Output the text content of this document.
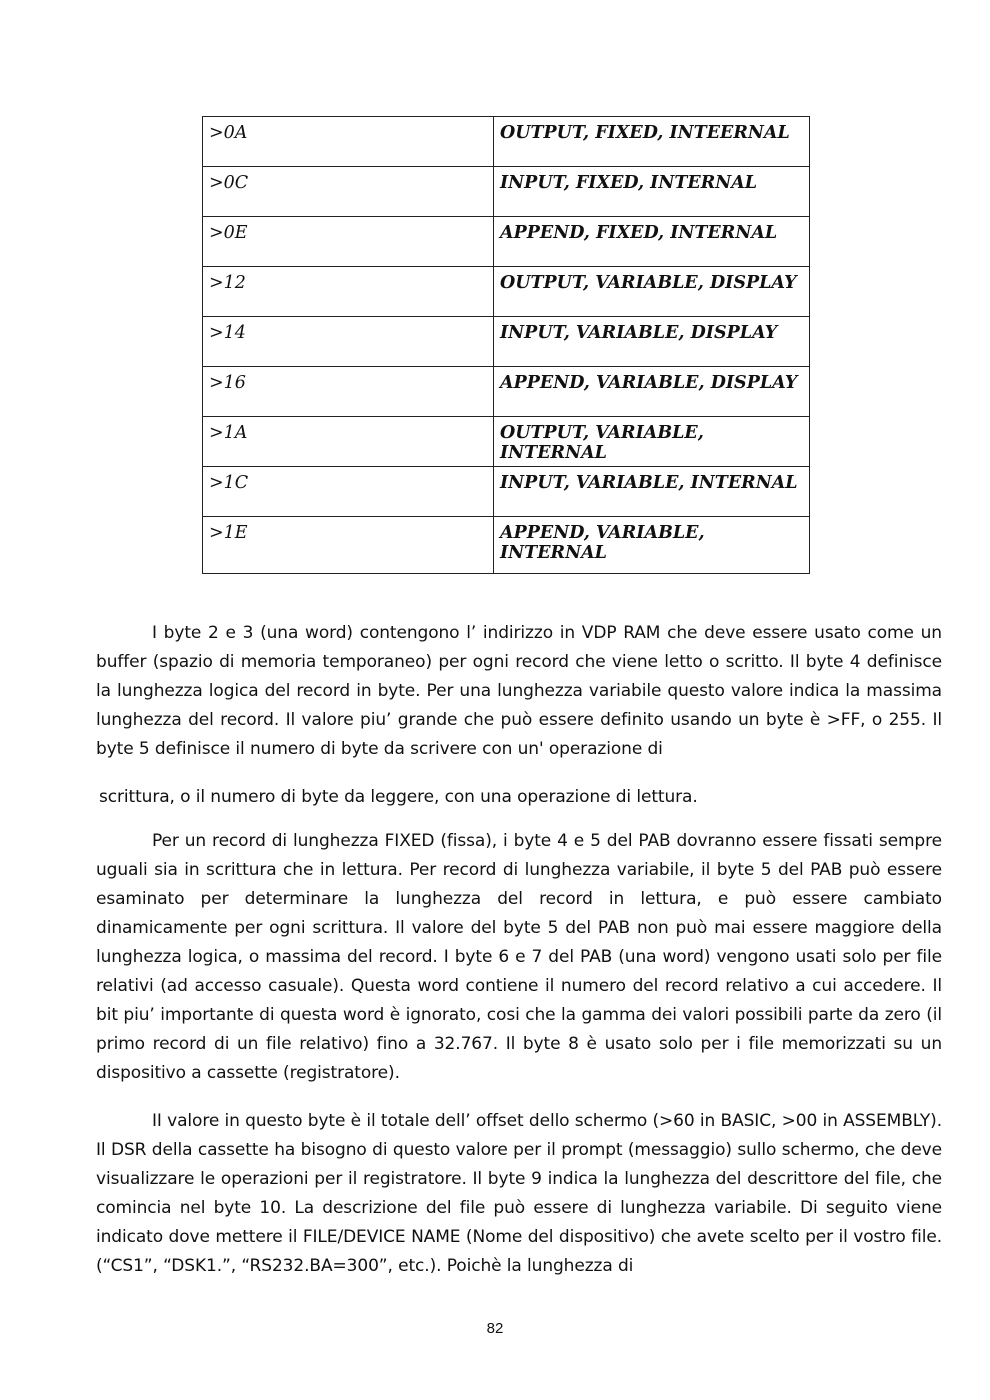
>0A	OUTPUT, FIXED, INTEERNAL
>0C	INPUT, FIXED, INTERNAL
>0E	APPEND, FIXED, INTERNAL
>12	OUTPUT, VARIABLE, DISPLAY
>14	INPUT, VARIABLE, DISPLAY
>16	APPEND, VARIABLE, DISPLAY
>1A	OUTPUT, VARIABLE, INTERNAL
>1C	INPUT, VARIABLE, INTERNAL
>1E	APPEND, VARIABLE, INTERNAL

I byte 2 e 3 (una word) contengono l’ indirizzo in VDP RAM che deve essere usato come un buffer (spazio di memoria temporaneo) per ogni record che viene letto o scritto. Il byte 4 definisce la lunghezza logica del record in byte. Per una lunghezza variabile questo valore indica la massima lunghezza del record. Il valore piu’ grande che può essere definito usando un byte è >FF, o 255. Il byte 5 definisce il numero di byte da scrivere con un' operazione di

scrittura, o il numero di byte da leggere, con una operazione di lettura.

Per un record di lunghezza FIXED (fissa), i byte 4 e 5 del PAB dovranno essere fissati sempre uguali sia in scrittura che in lettura. Per record di lunghezza variabile, il byte 5 del PAB può essere esaminato per determinare la lunghezza del record in lettura, e può essere cambiato dinamicamente per ogni scrittura. Il valore del byte 5 del PAB non può mai essere maggiore della lunghezza logica, o massima del record. I byte 6 e 7 del PAB (una word) vengono usati solo per file relativi (ad accesso casuale). Questa word contiene il numero del record relativo a cui accedere. Il bit piu’ importante di questa word è ignorato, cosi che la gamma dei valori possibili parte da zero (il primo record di un file relativo) fino a 32.767. Il byte 8 è usato solo per i file memorizzati su un dispositivo a cassette (registratore).

II valore in questo byte è il totale dell’ offset dello schermo (>60 in BASIC, >00 in ASSEMBLY). Il DSR della cassette ha bisogno di questo valore per il prompt (messaggio) sullo schermo, che deve visualizzare le operazioni per il registratore. Il byte 9 indica la lunghezza del descrittore del file, che comincia nel byte 10. La descrizione del file può essere di lunghezza variabile. Di seguito viene indicato dove mettere il FILE/DEVICE NAME (Nome del dispositivo) che avete scelto per il vostro file. (“CS1”, “DSK1.”, “RS232.BA=300”, etc.). Poichè la lunghezza di

82
